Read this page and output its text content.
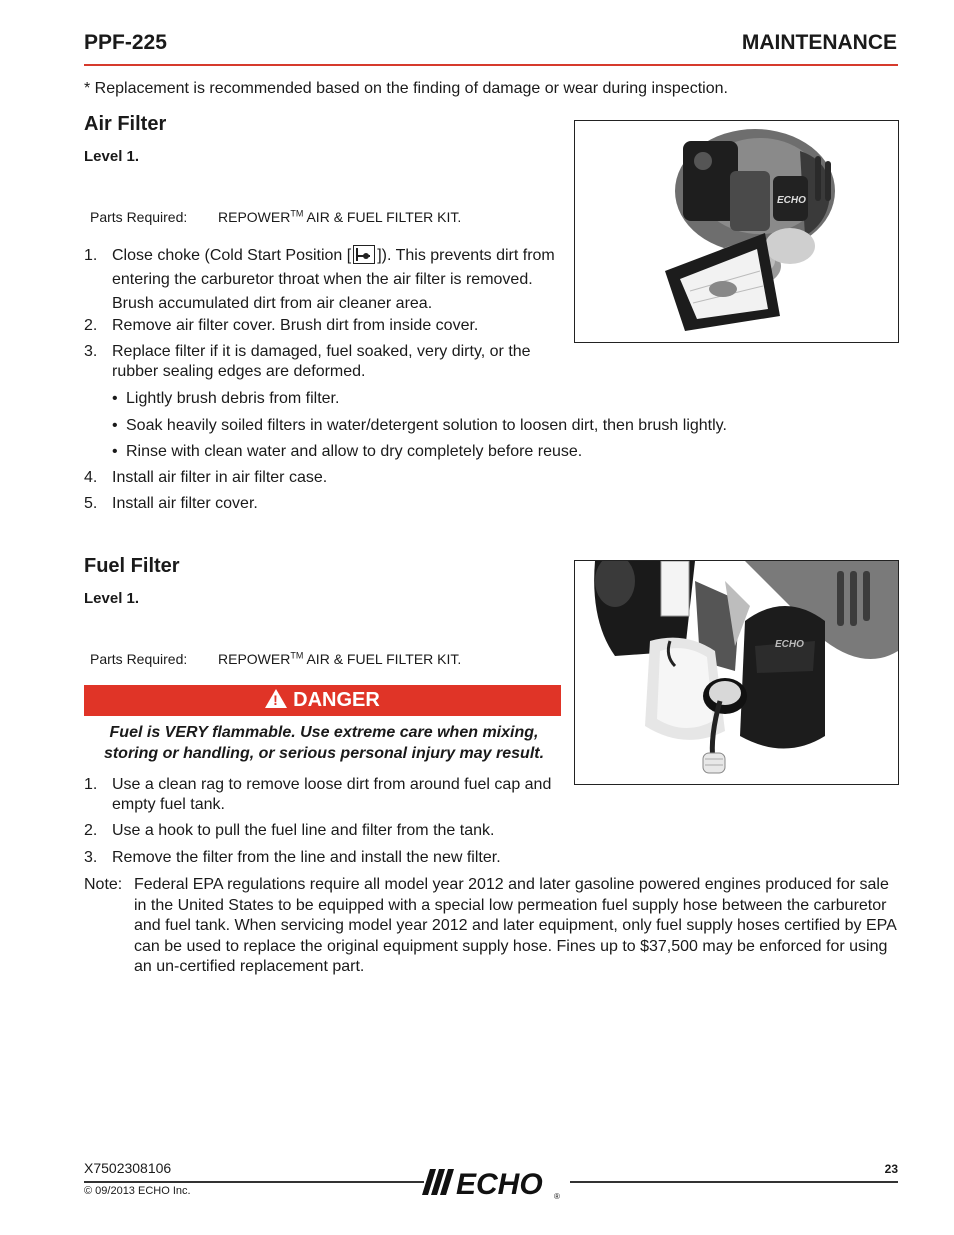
PPF-225	MAINTENANCE
* Replacement is recommended based on the finding of damage or wear during inspection.
Air Filter
Level 1.
Parts Required: REPOWER™ AIR & FUEL FILTER KIT.
ECHO
1. Close choke (Cold Start Position [ ]). This prevents dirt from entering the carburetor throat when the air filter is removed. Brush accumulated dirt from air cleaner area.
2. Remove air filter cover. Brush dirt from inside cover.
3. Replace filter if it is damaged, fuel soaked, very dirty, or the rubber sealing edges are deformed.
• Lightly brush debris from filter.
• Soak heavily soiled filters in water/detergent solution to loosen dirt, then brush lightly.
• Rinse with clean water and allow to dry completely before reuse.
4. Install air filter in air filter case.
5. Install air filter cover.
Fuel Filter
Level 1.
Parts Required: REPOWER™ AIR & FUEL FILTER KIT.
ECHO
! DANGER
Fuel is VERY flammable. Use extreme care when mixing, storing or handling, or serious personal injury may result.
1. Use a clean rag to remove loose dirt from around fuel cap and empty fuel tank.
2. Use a hook to pull the fuel line and filter from the tank.
3. Remove the filter from the line and install the new filter.
Note: Federal EPA regulations require all model year 2012 and later gasoline powered engines produced for sale in the United States to be equipped with a special low permeation fuel supply hose between the carburetor and fuel tank. When servicing model year 2012 and later equipment, only fuel supply hoses certified by EPA can be used to replace the original equipment supply hose. Fines up to $37,500 may be enforced for using an un-certified replacement part.
X7502308106
© 09/2013 ECHO Inc.
23
ECHO ®
